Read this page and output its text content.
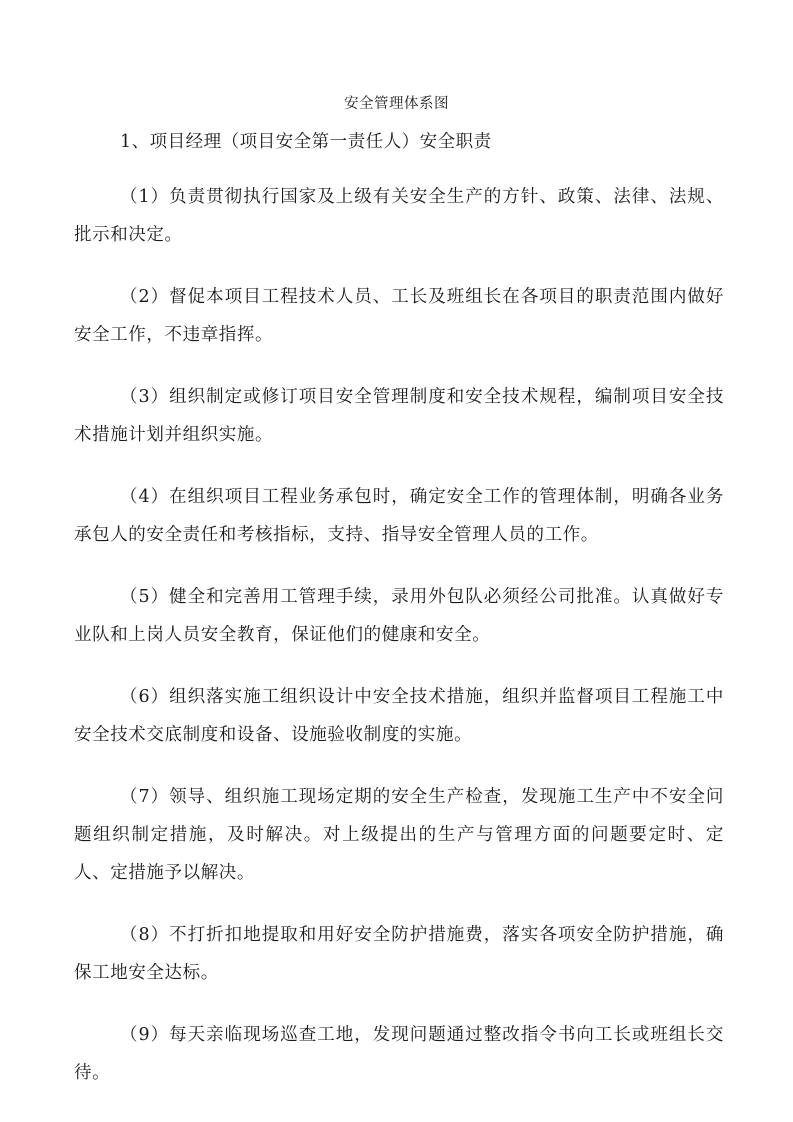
安全管理体系图
1、项目经理（项目安全第一责任人）安全职责

（1）负责贯彻执行国家及上级有关安全生产的方针、政策、法律、法规、批示和决定。

（2）督促本项目工程技术人员、工长及班组长在各项目的职责范围内做好安全工作，不违章指挥。

（3）组织制定或修订项目安全管理制度和安全技术规程，编制项目安全技术措施计划并组织实施。

（4）在组织项目工程业务承包时，确定安全工作的管理体制，明确各业务承包人的安全责任和考核指标，支持、指导安全管理人员的工作。

（5）健全和完善用工管理手续，录用外包队必须经公司批准。认真做好专业队和上岗人员安全教育，保证他们的健康和安全。

（6）组织落实施工组织设计中安全技术措施，组织并监督项目工程施工中安全技术交底制度和设备、设施验收制度的实施。

（7）领导、组织施工现场定期的安全生产检查，发现施工生产中不安全问题组织制定措施，及时解决。对上级提出的生产与管理方面的问题要定时、定人、定措施予以解决。

（8）不打折扣地提取和用好安全防护措施费，落实各项安全防护措施，确保工地安全达标。

（9）每天亲临现场巡查工地，发现问题通过整改指令书向工长或班组长交待。
